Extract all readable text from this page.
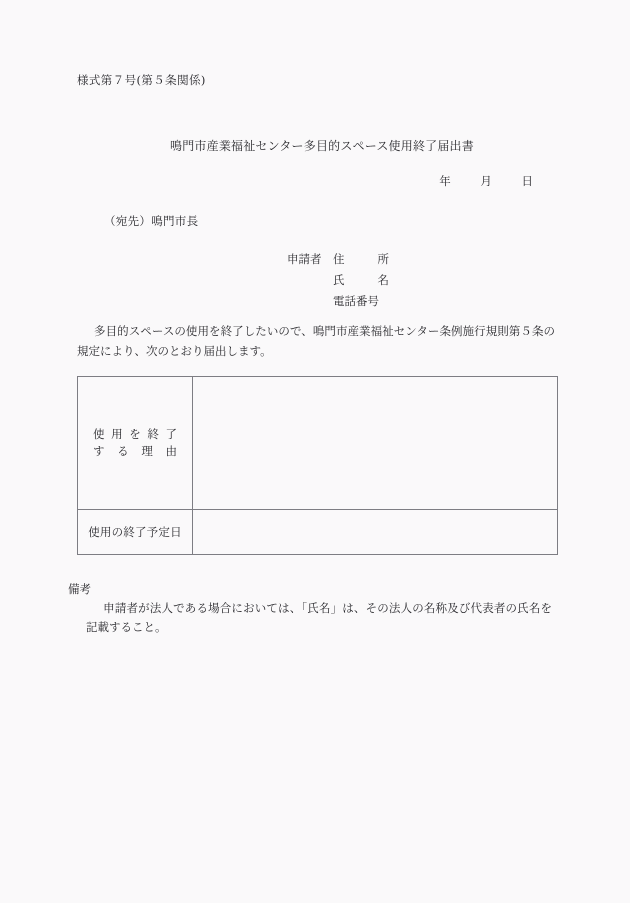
様式第７号(第５条関係)
鳴門市産業福祉センター多目的スペース使用終了届出書
年	月	日
（宛先）鳴門市長
申請者 住　　所
氏　　名
電話番号
多目的スペースの使用を終了したいので、鳴門市産業福祉センター条例施行規則第５条の規定により、次のとおり届出します。
使用を終了
する理由	

使用の終了予定日	

備考
申請者が法人である場合においては、「氏名」は、その法人の名称及び代表者の氏名を記載すること。
